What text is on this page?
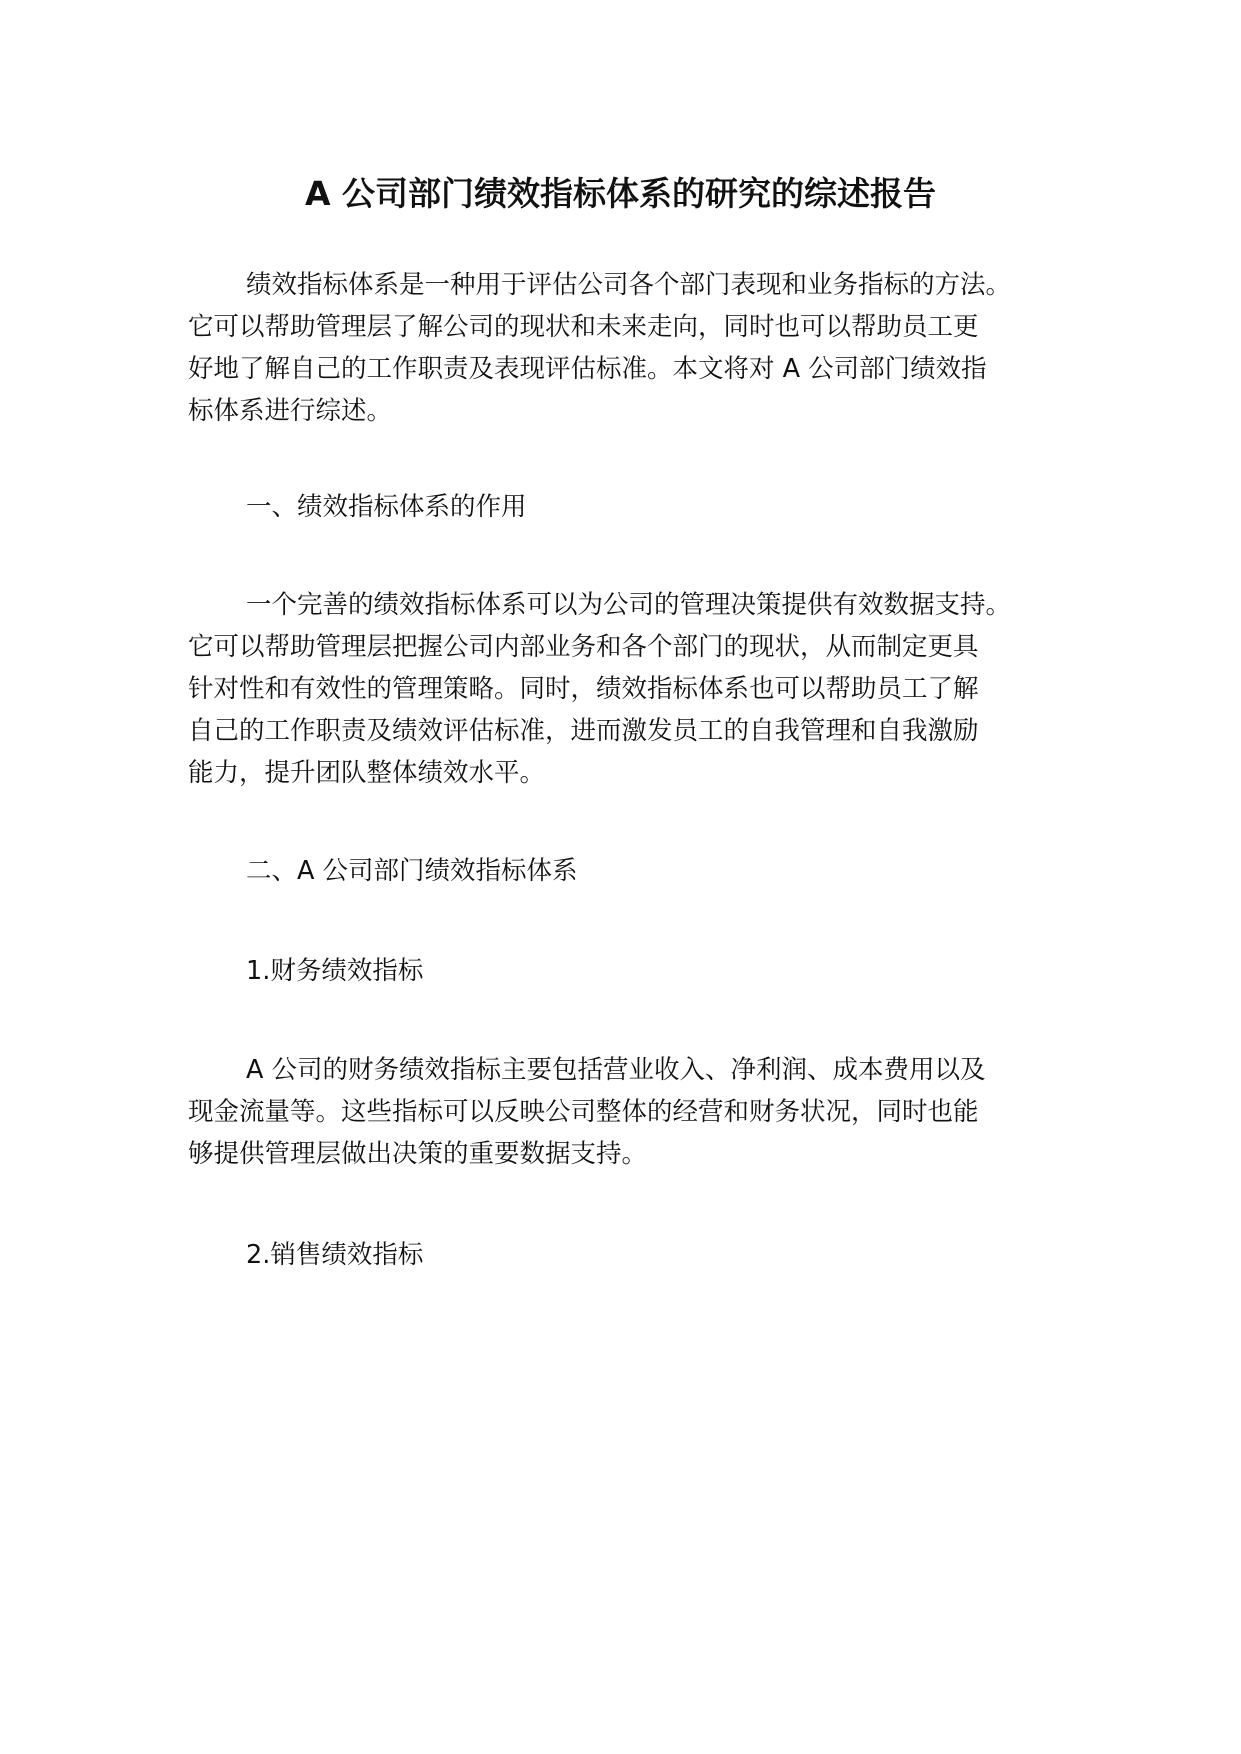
A 公司部门绩效指标体系的研究的综述报告
绩效指标体系是一种用于评估公司各个部门表现和业务指标的方法。
它可以帮助管理层了解公司的现状和未来走向，同时也可以帮助员工更
好地了解自己的工作职责及表现评估标准。本文将对 A 公司部门绩效指
标体系进行综述。
一、绩效指标体系的作用
一个完善的绩效指标体系可以为公司的管理决策提供有效数据支持。
它可以帮助管理层把握公司内部业务和各个部门的现状，从而制定更具
针对性和有效性的管理策略。同时，绩效指标体系也可以帮助员工了解
自己的工作职责及绩效评估标准，进而激发员工的自我管理和自我激励
能力，提升团队整体绩效水平。
二、A 公司部门绩效指标体系
1.财务绩效指标
A 公司的财务绩效指标主要包括营业收入、净利润、成本费用以及
现金流量等。这些指标可以反映公司整体的经营和财务状况，同时也能
够提供管理层做出决策的重要数据支持。
2.销售绩效指标
